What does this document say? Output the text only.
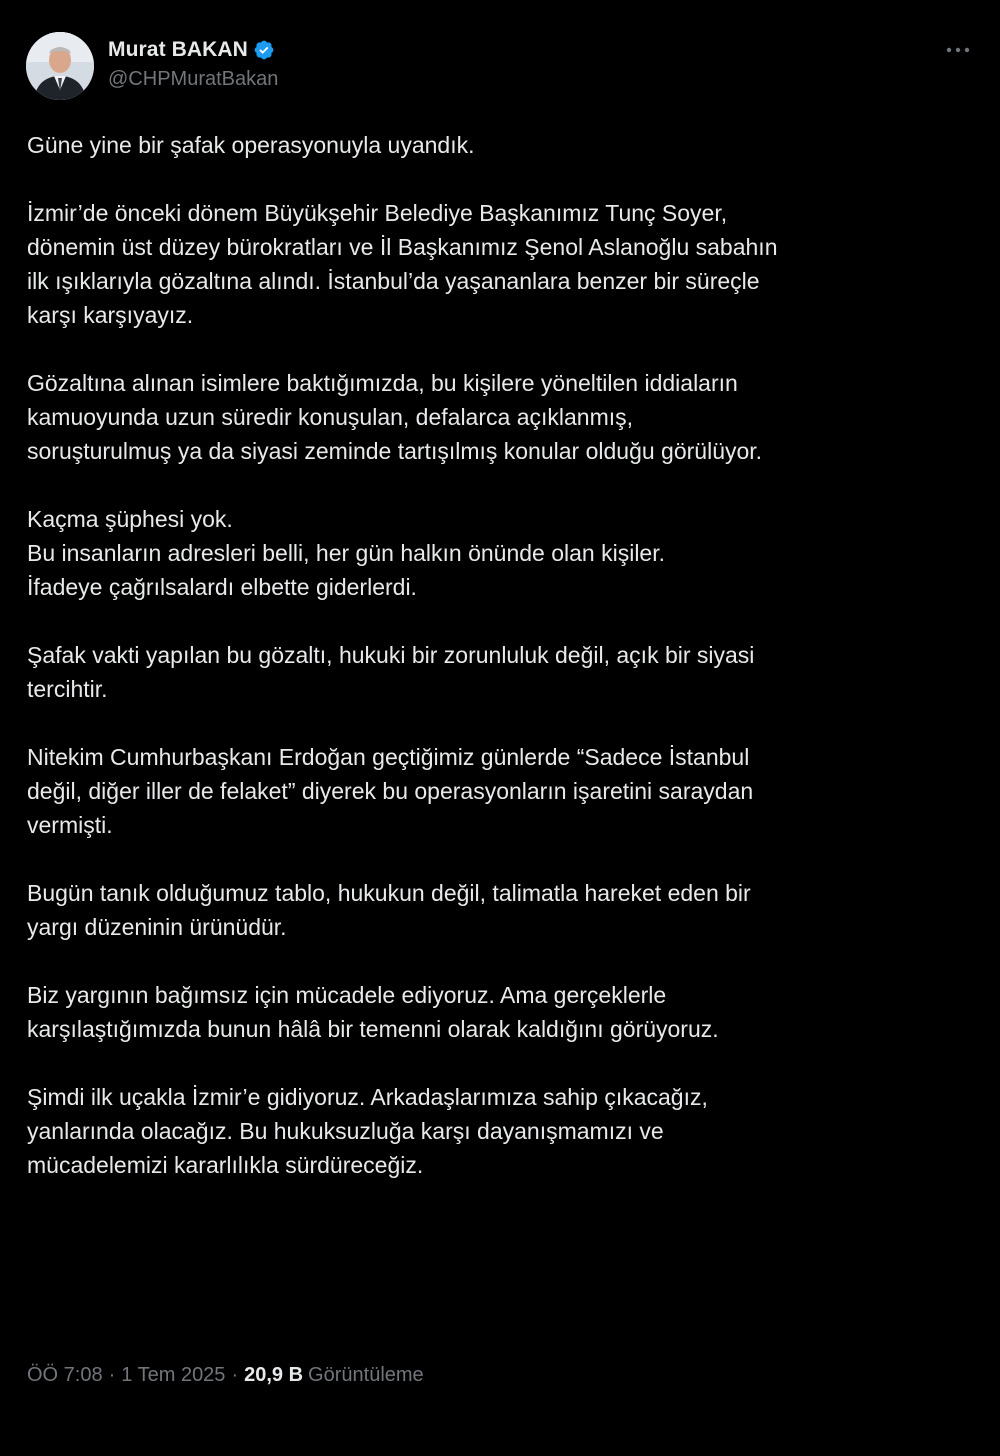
Murat BAKAN
@CHPMuratBakan

Güne yine bir şafak operasyonuyla uyandık.

İzmir’de önceki dönem Büyükşehir Belediye Başkanımız Tunç Soyer,
dönemin üst düzey bürokratları ve İl Başkanımız Şenol Aslanoğlu sabahın
ilk ışıklarıyla gözaltına alındı. İstanbul’da yaşananlara benzer bir süreçle
karşı karşıyayız.

Gözaltına alınan isimlere baktığımızda, bu kişilere yöneltilen iddiaların
kamuoyunda uzun süredir konuşulan, defalarca açıklanmış,
soruşturulmuş ya da siyasi zeminde tartışılmış konular olduğu görülüyor.

Kaçma şüphesi yok.
Bu insanların adresleri belli, her gün halkın önünde olan kişiler.
İfadeye çağrılsalardı elbette giderlerdi.

Şafak vakti yapılan bu gözaltı, hukuki bir zorunluluk değil, açık bir siyasi
tercihtir.

Nitekim Cumhurbaşkanı Erdoğan geçtiğimiz günlerde “Sadece İstanbul
değil, diğer iller de felaket” diyerek bu operasyonların işaretini saraydan
vermişti.

Bugün tanık olduğumuz tablo, hukukun değil, talimatla hareket eden bir
yargı düzeninin ürünüdür.

Biz yargının bağımsız için mücadele ediyoruz. Ama gerçeklerle
karşılaştığımızda bunun hâlâ bir temenni olarak kaldığını görüyoruz.

Şimdi ilk uçakla İzmir’e gidiyoruz. Arkadaşlarımıza sahip çıkacağız,
yanlarında olacağız. Bu hukuksuzluğa karşı dayanışmamızı ve
mücadelemizi kararlılıkla sürdüreceğiz.

ÖÖ 7:08 · 1 Tem 2025 · 20,9 B Görüntüleme
